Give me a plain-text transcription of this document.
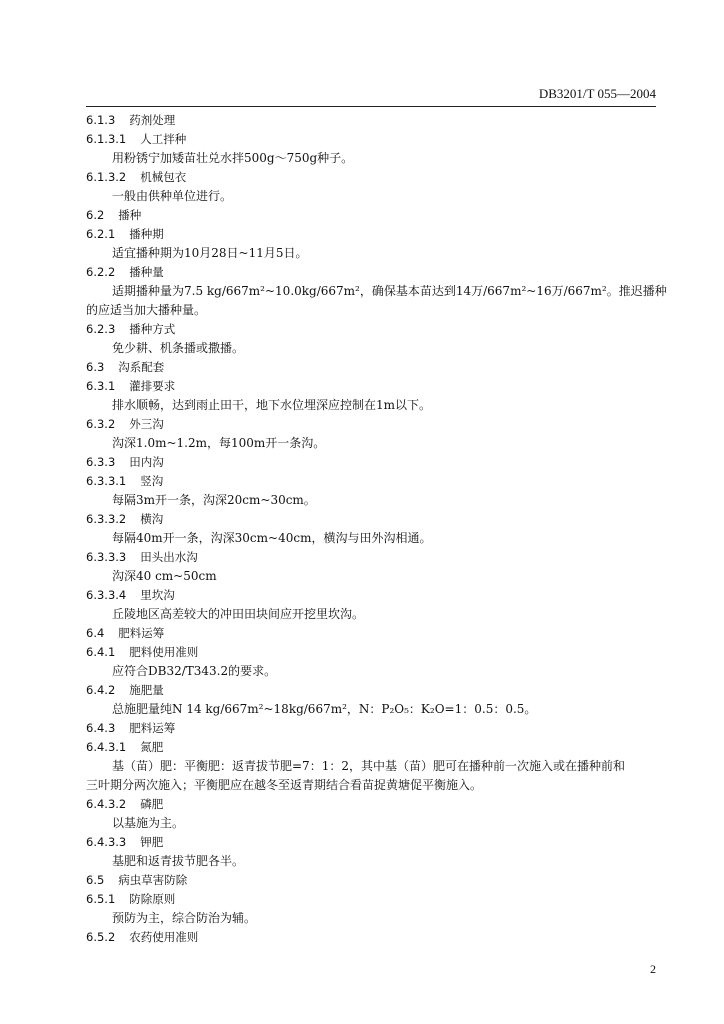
DB3201/T 055—2004
6.1.3 药剂处理
6.1.3.1 人工拌种
用粉锈宁加矮苗壮兑水拌500g～750g种子。
6.1.3.2 机械包衣
一般由供种单位进行。
6.2 播种
6.2.1 播种期
适宜播种期为10月28日~11月5日。
6.2.2 播种量
适期播种量为7.5 kg/667m²~10.0kg/667m²，确保基本苗达到14万/667m²~16万/667m²。推迟播种
的应适当加大播种量。
6.2.3 播种方式
免少耕、机条播或撒播。
6.3 沟系配套
6.3.1 灌排要求
排水顺畅，达到雨止田干，地下水位埋深应控制在1m以下。
6.3.2 外三沟
沟深1.0m~1.2m，每100m开一条沟。
6.3.3 田内沟
6.3.3.1 竖沟
每隔3m开一条，沟深20cm~30cm。
6.3.3.2 横沟
每隔40m开一条，沟深30cm~40cm，横沟与田外沟相通。
6.3.3.3 田头出水沟
沟深40 cm~50cm
6.3.3.4 里坎沟
丘陵地区高差较大的冲田田块间应开挖里坎沟。
6.4 肥料运筹
6.4.1 肥料使用准则
应符合DB32/T343.2的要求。
6.4.2 施肥量
总施肥量纯N 14 kg/667m²~18kg/667m²，N：P₂O₅：K₂O=1：0.5：0.5。
6.4.3 肥料运筹
6.4.3.1 氮肥
基（苗）肥：平衡肥：返青拔节肥=7：1：2，其中基（苗）肥可在播种前一次施入或在播种前和
三叶期分两次施入；平衡肥应在越冬至返青期结合看苗捉黄塘促平衡施入。
6.4.3.2 磷肥
以基施为主。
6.4.3.3 钾肥
基肥和返青拔节肥各半。
6.5 病虫草害防除
6.5.1 防除原则
预防为主，综合防治为辅。
6.5.2 农药使用准则
2
